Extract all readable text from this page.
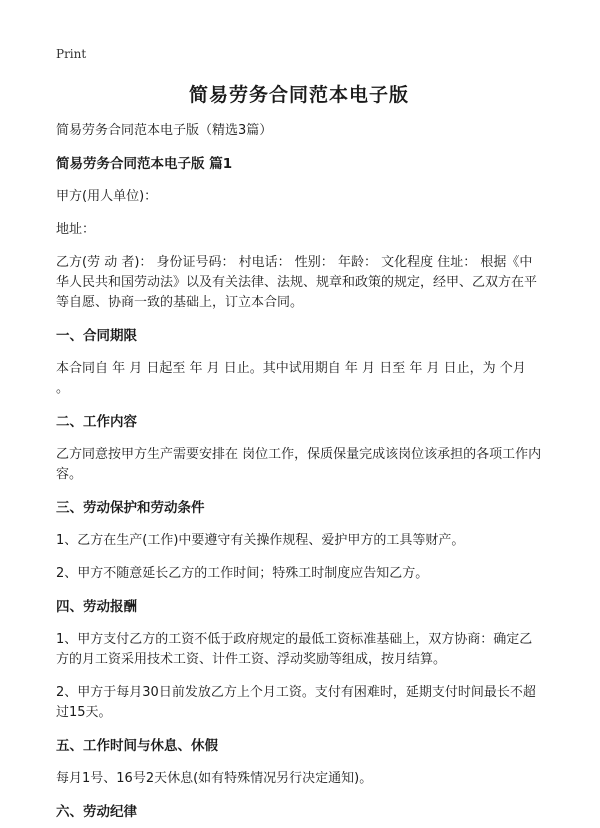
Print
简易劳务合同范本电子版
简易劳务合同范本电子版（精选3篇）
简易劳务合同范本电子版 篇1
甲方(用人单位)：
地址：
乙方(劳 动 者)： 身份证号码： 村电话： 性别： 年龄： 文化程度 住址： 根据《中华人民共和国劳动法》以及有关法律、法规、规章和政策的规定，经甲、乙双方在平等自愿、协商一致的基础上，订立本合同。
一、合同期限
本合同自 年 月 日起至 年 月 日止。其中试用期自 年 月 日至 年 月 日止，为 个月 。
二、工作内容
乙方同意按甲方生产需要安排在 岗位工作，保质保量完成该岗位该承担的各项工作内容。
三、劳动保护和劳动条件
1、乙方在生产(工作)中要遵守有关操作规程、爱护甲方的工具等财产。
2、甲方不随意延长乙方的工作时间；特殊工时制度应告知乙方。
四、劳动报酬
1、甲方支付乙方的工资不低于政府规定的最低工资标准基础上，双方协商：确定乙方的月工资采用技术工资、计件工资、浮动奖励等组成，按月结算。
2、甲方于每月30日前发放乙方上个月工资。支付有困难时，延期支付时间最长不超过15天。
五、工作时间与休息、休假
每月1号、16号2天休息(如有特殊情况另行决定通知)。
六、劳动纪律
